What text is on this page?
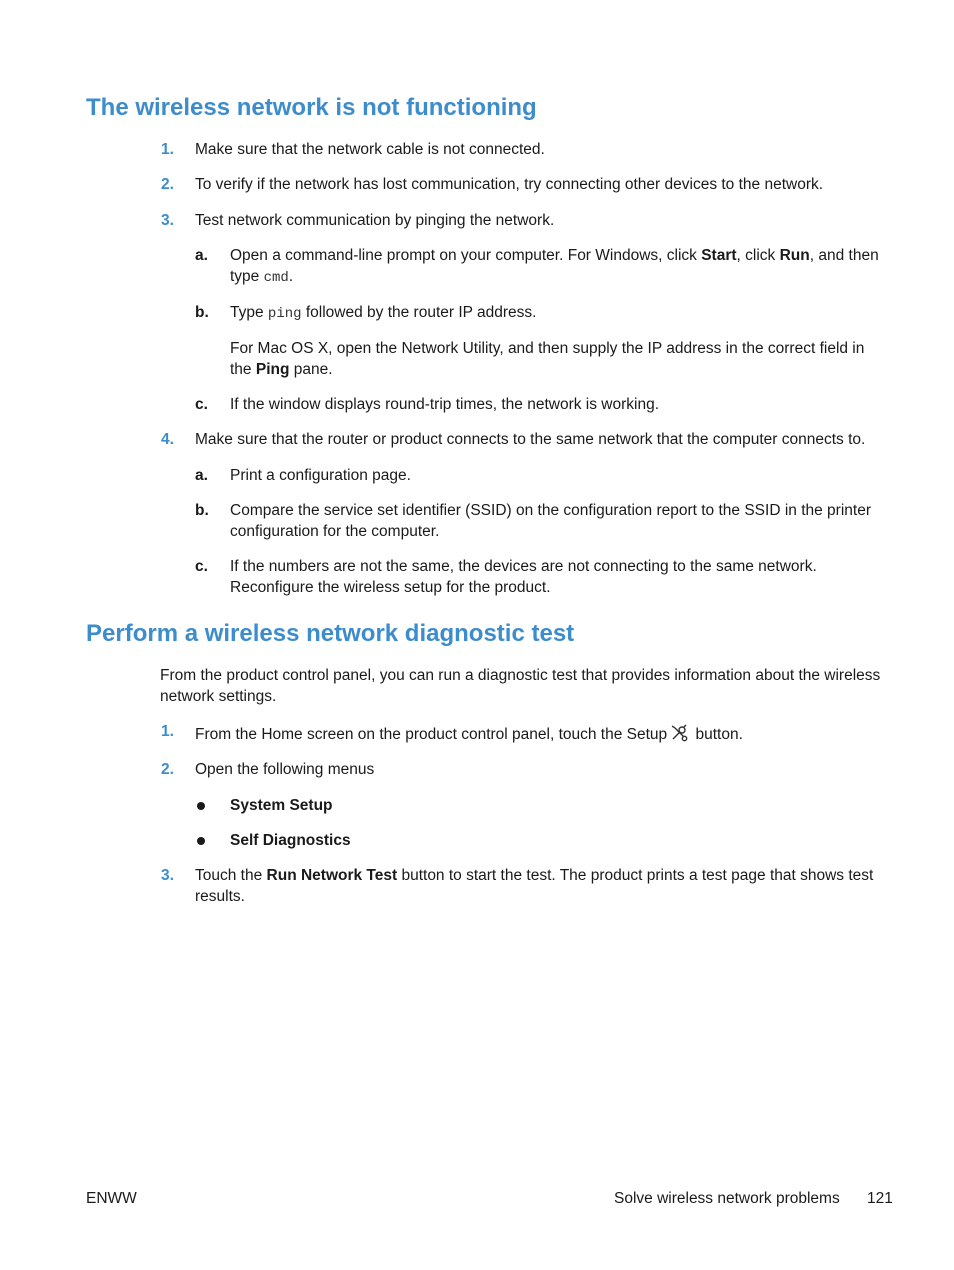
The wireless network is not functioning
1.	Make sure that the network cable is not connected.
2.	To verify if the network has lost communication, try connecting other devices to the network.
3.	Test network communication by pinging the network.
a.	Open a command-line prompt on your computer. For Windows, click Start, click Run, and then type cmd.
b.	Type ping followed by the router IP address.
For Mac OS X, open the Network Utility, and then supply the IP address in the correct field in the Ping pane.
c.	If the window displays round-trip times, the network is working.
4.	Make sure that the router or product connects to the same network that the computer connects to.
a.	Print a configuration page.
b.	Compare the service set identifier (SSID) on the configuration report to the SSID in the printer configuration for the computer.
c.	If the numbers are not the same, the devices are not connecting to the same network. Reconfigure the wireless setup for the product.
Perform a wireless network diagnostic test
From the product control panel, you can run a diagnostic test that provides information about the wireless network settings.
1.	From the Home screen on the product control panel, touch the Setup button.
2.	Open the following menus
System Setup
Self Diagnostics
3.	Touch the Run Network Test button to start the test. The product prints a test page that shows test results.
ENWW	Solve wireless network problems 121
